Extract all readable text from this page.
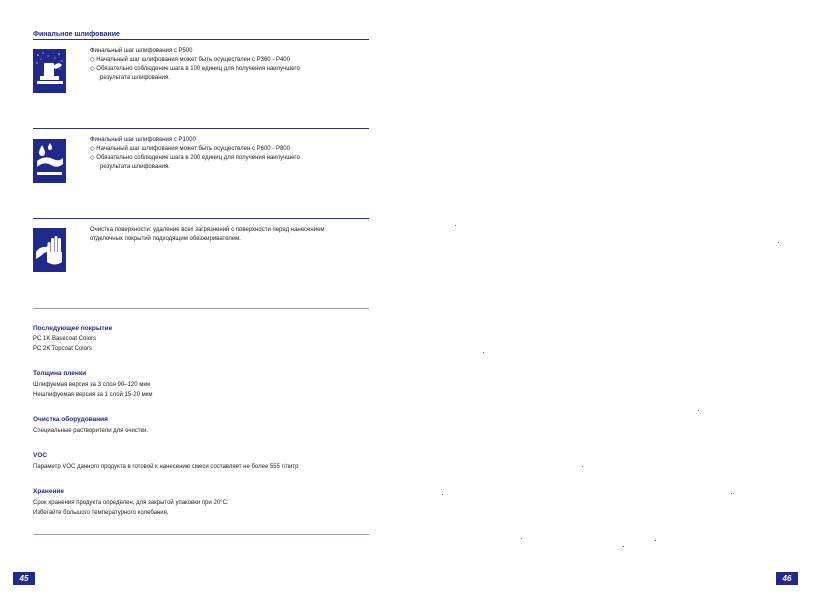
Финальное шлифование
Финальный шаг шлифования с P500
◇ Начальный шаг шлифования может быть осуществлен с P360 - P400
◇ Обязательно соблюдение шага в 100 единиц для получения наилучшего
результата шлифования.
Финальный шаг шлифования с P1000
◇ Начальный шаг шлифования может быть осуществлен с P600 - P800
◇ Обязательно соблюдение шага в 200 единиц для получения наилучшего
результата шлифования.
Очистка поверхности: удаление всех загрязнений с поверхности перед нанесением
отделочных покрытий подходящим обезжиривателем.
Последующее покрытие
PC 1K Basecoat Colors
PC 2K Topcoat Colors
Толщина пленки
Шлифуемая версия за 3 слоя 90–120 мкм
Нешлифуемая версия за 1 слой 15-20 мкм
Очистка оборудования
Специальные растворители для очистки.
VOC
Параметр VOC данного продукта в готовой к нанесению смеси составляет не более 555 г/литр
Хранение
Срок хранения продукта определен, для закрытой упаковки при 20°C.
Избегайте большого температурного колебания.
45	46
